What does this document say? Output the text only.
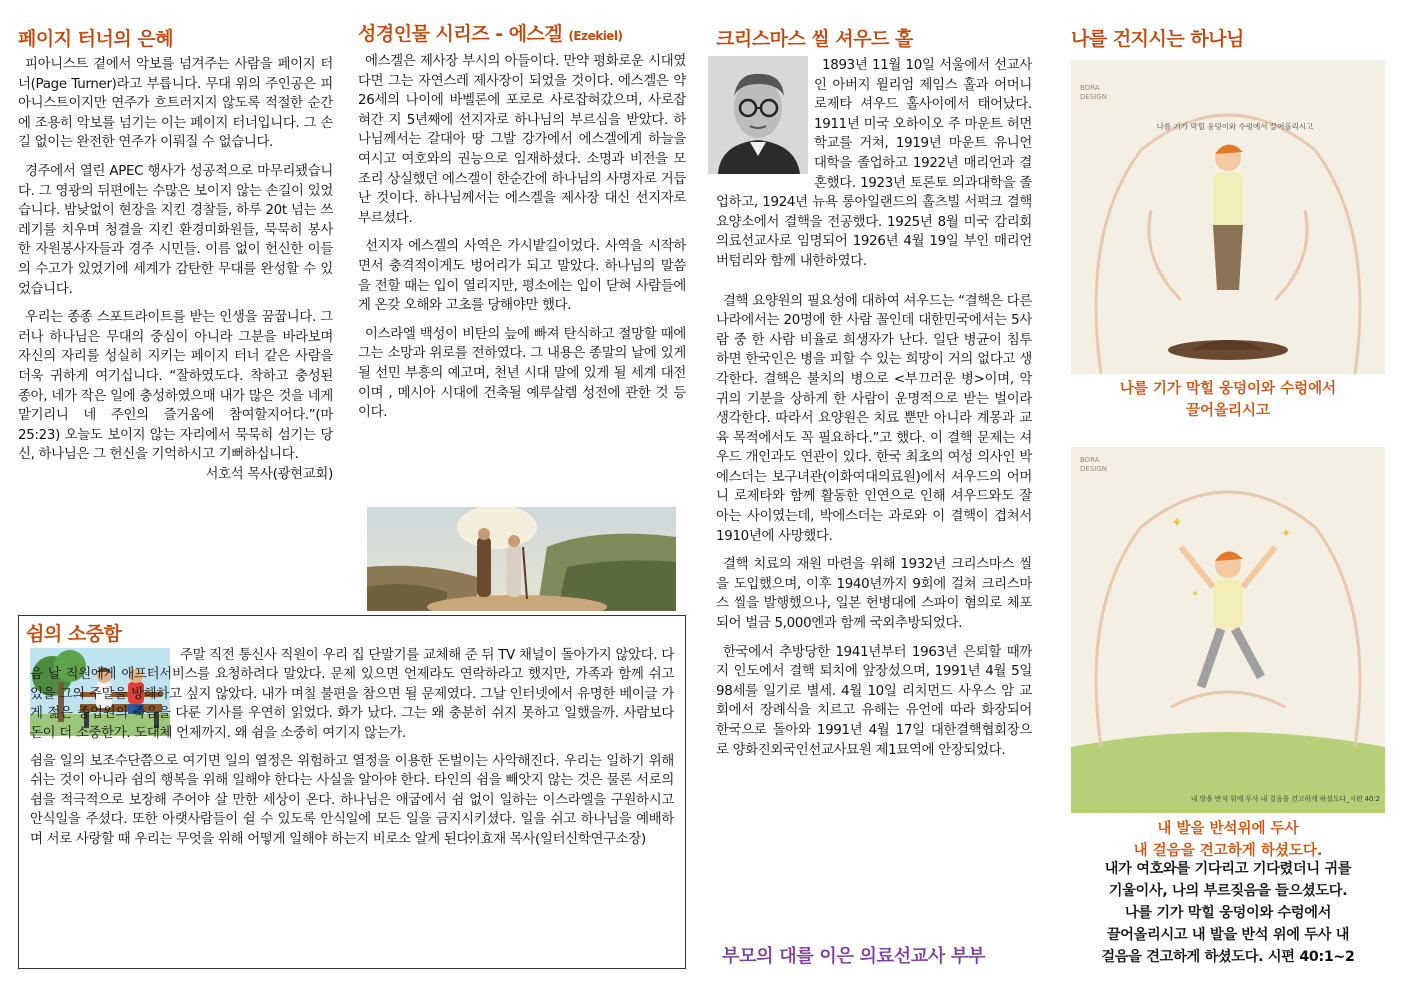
페이지 터너의 은혜

피아니스트 곁에서 악보를 넘겨주는 사람을 페이지 터너(Page Turner)라고 부릅니다. 무대 위의 주인공은 피아니스트이지만 연주가 흐트러지지 않도록 적절한 순간에 조용히 악보를 넘기는 이는 페이지 터너입니다. 그 손길 없이는 완전한 연주가 이뤄질 수 없습니다.

경주에서 열린 APEC 행사가 성공적으로 마무리됐습니다. 그 영광의 뒤편에는 수많은 보이지 않는 손길이 있었습니다. 밤낮없이 현장을 지킨 경찰들, 하루 20t 넘는 쓰레기를 치우며 청결을 지킨 환경미화원들, 묵묵히 봉사한 자원봉사자들과 경주 시민들. 이름 없이 헌신한 이들의 수고가 있었기에 세계가 감탄한 무대를 완성할 수 있었습니다.

우리는 종종 스포트라이트를 받는 인생을 꿈꿉니다. 그러나 하나님은 무대의 중심이 아니라 그분을 바라보며 자신의 자리를 성실히 지키는 페이지 터너 같은 사람을 더욱 귀하게 여기십니다. “잘하였도다. 착하고 충성된 종아, 네가 작은 일에 충성하였으매 내가 많은 것을 네게 맡기리니 네 주인의 즐거움에 참여할지어다.”(마 25:23) 오늘도 보이지 않는 자리에서 묵묵히 섬기는 당신, 하나님은 그 헌신을 기억하시고 기뻐하십니다.

서호석 목사(광현교회)
성경인물 시리즈 - 에스겔 (Ezekiel)

에스겔은 제사장 부시의 아들이다. 만약 평화로운 시대였다면 그는 자연스레 제사장이 되었을 것이다. 에스겔은 약 26세의 나이에 바벨론에 포로로 사로잡혀갔으며, 사로잡혀간 지 5년째에 선지자로 하나님의 부르심을 받았다. 하나님께서는 갈대아 땅 그발 강가에서 에스겔에게 하늘을 여시고 여호와의 권능으로 임재하셨다. 소명과 비전을 모조리 상실했던 에스겔이 한순간에 하나님의 사명자로 거듭난 것이다. 하나님께서는 에스겔을 제사장 대신 선지자로 부르셨다.

선지자 에스겔의 사역은 가시밭길이었다. 사역을 시작하면서 충격적이게도 벙어리가 되고 말았다. 하나님의 말씀을 전할 때는 입이 열리지만, 평소에는 입이 닫혀 사람들에게 온갖 오해와 고초를 당해야만 했다.

이스라엘 백성이 비탄의 늪에 빠져 탄식하고 절망할 때에 그는 소망과 위로를 전하였다. 그 내용은 종말의 날에 있게 될 선민 부흥의 예고며, 천년 시대 말에 있게 될 세계 대전이며 , 메시아 시대에 건축될 예루살렘 성전에 관한 것 등이다.

쉼의 소중함

주말 직전 통신사 직원이 우리 집 단말기를 교체해 준 뒤 TV 채널이 돌아가지 않았다. 다음 날 직원에게 애프터서비스를 요청하려다 말았다. 문제 있으면 언제라도 연락하라고 했지만, 가족과 함께 쉬고 있을 그의 주말을 방해하고 싶지 않았다. 내가 며칠 불편을 참으면 될 문제였다. 그날 인터넷에서 유명한 베이글 가게 젊은 종업원의 죽음을 다룬 기사를 우연히 읽었다. 화가 났다. 그는 왜 충분히 쉬지 못하고 일했을까. 사람보다 돈이 더 소중한가. 도대체 언제까지. 왜 쉼을 소중히 여기지 않는가.

쉼을 일의 보조수단쯤으로 여기면 일의 열정은 위험하고 열정을 이용한 돈벌이는 사악해진다. 우리는 일하기 위해 쉬는 것이 아니라 쉼의 행복을 위해 일해야 한다는 사실을 알아야 한다. 타인의 쉼을 빼앗지 않는 것은 물론 서로의 쉼을 적극적으로 보장해 주어야 살 만한 세상이 온다. 하나님은 애굽에서 쉼 없이 일하는 이스라엘을 구원하시고 안식일을 주셨다. 또한 아랫사람들이 쉴 수 있도록 안식일에 모든 일을 금지시키셨다. 일을 쉬고 하나님을 예배하며 서로 사랑할 때 우리는 무엇을 위해 어떻게 일해야 하는지 비로소 알게 된다.

이효재 목사(일터신학연구소장)
크리스마스 씰 셔우드 홀

1893년 11월 10일 서울에서 선교사인 아버지 윌리엄 제임스 홀과 어머니 로제타 셔우드 홀사이에서 태어났다. 1911년 미국 오하이오 주 마운트 허먼 학교를 거쳐, 1919년 마운트 유니언 대학을 졸업하고 1922년 매리언과 결혼했다. 1923년 토론토 의과대학을 졸업하고, 1924년 뉴욕 롱아일랜드의 홀츠빌 서퍽크 결핵 요양소에서 결핵을 전공했다. 1925년 8월 미국 감리회 의료선교사로 임명되어 1926년 4월 19일 부인 매리언 버텀리와 함께 내한하였다.

결핵 요양원의 필요성에 대하여 셔우드는 “결핵은 다른 나라에서는 20명에 한 사람 꼴인데 대한민국에서는 5사람 중 한 사람 비율로 희생자가 난다. 일단 병균이 침투하면 한국인은 병을 피할 수 있는 희망이 거의 없다고 생각한다. 결핵은 불치의 병으로 <부끄러운 병>이며, 악귀의 기분을 상하게 한 사람이 운명적으로 받는 벌이라 생각한다. 따라서 요양원은 치료 뿐만 아니라 계몽과 교육 목적에서도 꼭 필요하다.”고 했다. 이 결핵 문제는 셔우드 개인과도 연관이 있다. 한국 최초의 여성 의사인 박에스더는 보구녀관(이화여대의료원)에서 셔우드의 어머니 로제타와 함께 활동한 인연으로 인해 셔우드와도 잘 아는 사이였는데, 박에스더는 과로와 이 결핵이 겹쳐서 1910년에 사망했다.

결핵 치료의 재원 마련을 위해 1932년 크리스마스 씰을 도입했으며, 이후 1940년까지 9회에 걸쳐 크리스마스 씰을 발행했으나, 일본 헌병대에 스파이 혐의로 체포되어 벌금 5,000엔과 함께 국외추방되었다.

한국에서 추방당한 1941년부터 1963년 은퇴할 때까지 인도에서 결핵 퇴치에 앞장섰으며, 1991년 4월 5일 98세를 일기로 별세. 4월 10일 리치먼드 사우스 암 교회에서 장례식을 치르고 유해는 유언에 따라 화장되어 한국으로 돌아와 1991년 4월 17일 대한결핵협회장으로 양화진외국인선교사묘원 제1묘역에 안장되었다.

부모의 대를 이은 의료선교사 부부
나를 건지시는 하나님
BORA DESIGN
나를 기가 막힐 웅덩이와 수렁에서 끌어올리시고
나를 기가 막힐 웅덩이와 수렁에서
끌어올리시고
✦
✦
✦
BORA DESIGN
내 발을 반석 위에 두사 내 걸음을 견고하게 하셨도다_시편 40:2
내 발을 반석위에 두사
내 걸음을 견고하게 하셨도다.
내가 여호와를 기다리고 기다렸더니 귀를
기울이사, 나의 부르짖음을 들으셨도다.
나를 기가 막힐 웅덩이와 수렁에서
끌어올리시고 내 발을 반석 위에 두사 내
걸음을 견고하게 하셨도다. 시편 40:1~2
